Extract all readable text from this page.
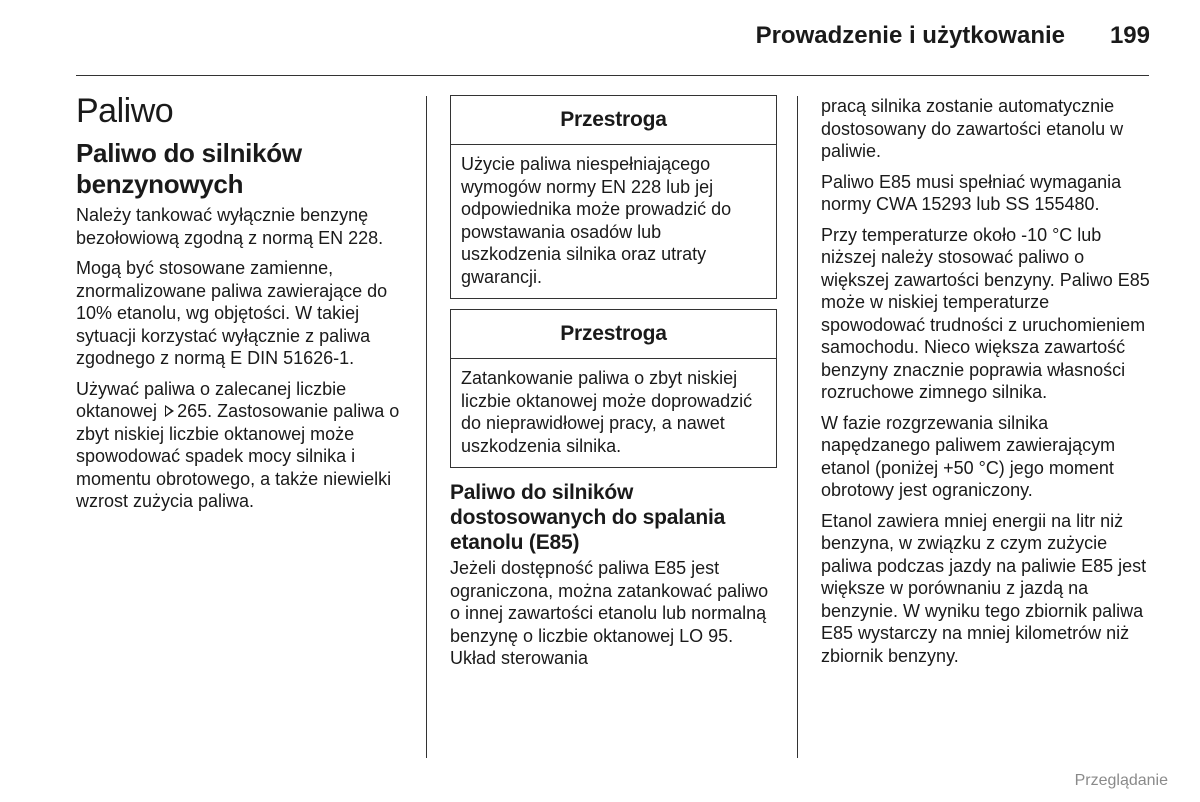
Prowadzenie i użytkowanie 199
Paliwo
Paliwo do silników benzynowych

Należy tankować wyłącznie benzynę bezołowiową zgodną z normą EN 228.

Mogą być stosowane zamienne, znormalizowane paliwa zawierające do 10% etanolu, wg objętości. W takiej sytuacji korzystać wyłącznie z paliwa zgodnego z normą E DIN 51626-1.

Używać paliwa o zalecanej liczbie oktanowej 265. Zastosowanie paliwa o zbyt niskiej liczbie oktanowej może spowodować spadek mocy silnika i momentu obrotowego, a także niewielki wzrost zużycia paliwa.

Przestroga
Użycie paliwa niespełniającego wymogów normy EN 228 lub jej odpowiednika może prowadzić do powstawania osadów lub uszkodzenia silnika oraz utraty gwarancji.
Przestroga
Zatankowanie paliwa o zbyt niskiej liczbie oktanowej może doprowadzić do nieprawidłowej pracy, a nawet uszkodzenia silnika.
Paliwo do silników dostosowanych do spalania etanolu (E85)

Jeżeli dostępność paliwa E85 jest ograniczona, można zatankować paliwo o innej zawartości etanolu lub normalną benzynę o liczbie oktanowej LO 95. Układ sterowania

pracą silnika zostanie automatycznie dostosowany do zawartości etanolu w paliwie.

Paliwo E85 musi spełniać wymagania normy CWA 15293 lub SS 155480.

Przy temperaturze około -10 °C lub niższej należy stosować paliwo o większej zawartości benzyny. Paliwo E85 może w niskiej temperaturze spowodować trudności z uruchomieniem samochodu. Nieco większa zawartość benzyny znacznie poprawia własności rozruchowe zimnego silnika.

W fazie rozgrzewania silnika napędzanego paliwem zawierającym etanol (poniżej +50 °C) jego moment obrotowy jest ograniczony.

Etanol zawiera mniej energii na litr niż benzyna, w związku z czym zużycie paliwa podczas jazdy na paliwie E85 jest większe w porównaniu z jazdą na benzynie. W wyniku tego zbiornik paliwa E85 wystarczy na mniej kilometrów niż zbiornik benzyny.

Przeglądanie
